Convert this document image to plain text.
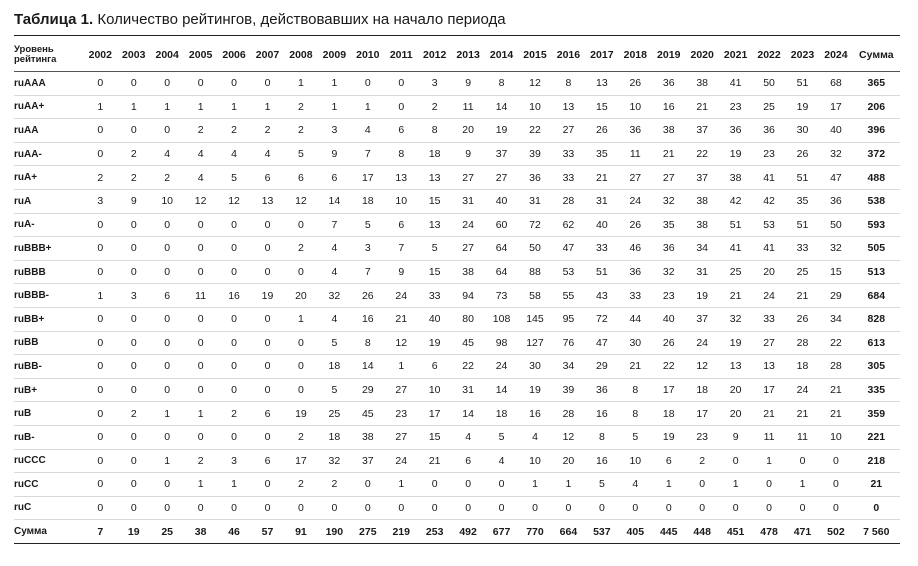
Таблица 1. Количество рейтингов, действовавших на начало периода
Уровень рейтинга	2002	2003	2004	2005	2006	2007	2008	2009	2010	2011	2012	2013	2014	2015	2016	2017	2018	2019	2020	2021	2022	2023	2024	Сумма
ruAAA	0	0	0	0	0	0	1	1	0	0	3	9	8	12	8	13	26	36	38	41	50	51	68	365
ruAA+	1	1	1	1	1	1	2	1	1	0	2	11	14	10	13	15	10	16	21	23	25	19	17	206
ruAA	0	0	0	2	2	2	2	3	4	6	8	20	19	22	27	26	36	38	37	36	36	30	40	396
ruAA-	0	2	4	4	4	4	5	9	7	8	18	9	37	39	33	35	11	21	22	19	23	26	32	372
ruA+	2	2	2	4	5	6	6	6	17	13	13	27	27	36	33	21	27	27	37	38	41	51	47	488
ruA	3	9	10	12	12	13	12	14	18	10	15	31	40	31	28	31	24	32	38	42	42	35	36	538
ruA-	0	0	0	0	0	0	0	7	5	6	13	24	60	72	62	40	26	35	38	51	53	51	50	593
ruBBB+	0	0	0	0	0	0	2	4	3	7	5	27	64	50	47	33	46	36	34	41	41	33	32	505
ruBBB	0	0	0	0	0	0	0	4	7	9	15	38	64	88	53	51	36	32	31	25	20	25	15	513
ruBBB-	1	3	6	11	16	19	20	32	26	24	33	94	73	58	55	43	33	23	19	21	24	21	29	684
ruBB+	0	0	0	0	0	0	1	4	16	21	40	80	108	145	95	72	44	40	37	32	33	26	34	828
ruBB	0	0	0	0	0	0	0	5	8	12	19	45	98	127	76	47	30	26	24	19	27	28	22	613
ruBB-	0	0	0	0	0	0	0	18	14	1	6	22	24	30	34	29	21	22	12	13	13	18	28	305
ruB+	0	0	0	0	0	0	0	5	29	27	10	31	14	19	39	36	8	17	18	20	17	24	21	335
ruB	0	2	1	1	2	6	19	25	45	23	17	14	18	16	28	16	8	18	17	20	21	21	21	359
ruB-	0	0	0	0	0	0	2	18	38	27	15	4	5	4	12	8	5	19	23	9	11	11	10	221
ruCCC	0	0	1	2	3	6	17	32	37	24	21	6	4	10	20	16	10	6	2	0	1	0	0	218
ruCC	0	0	0	1	1	0	2	2	0	1	0	0	0	1	1	5	4	1	0	1	0	1	0	21
ruC	0	0	0	0	0	0	0	0	0	0	0	0	0	0	0	0	0	0	0	0	0	0	0	0
Сумма	7	19	25	38	46	57	91	190	275	219	253	492	677	770	664	537	405	445	448	451	478	471	502	7 560
